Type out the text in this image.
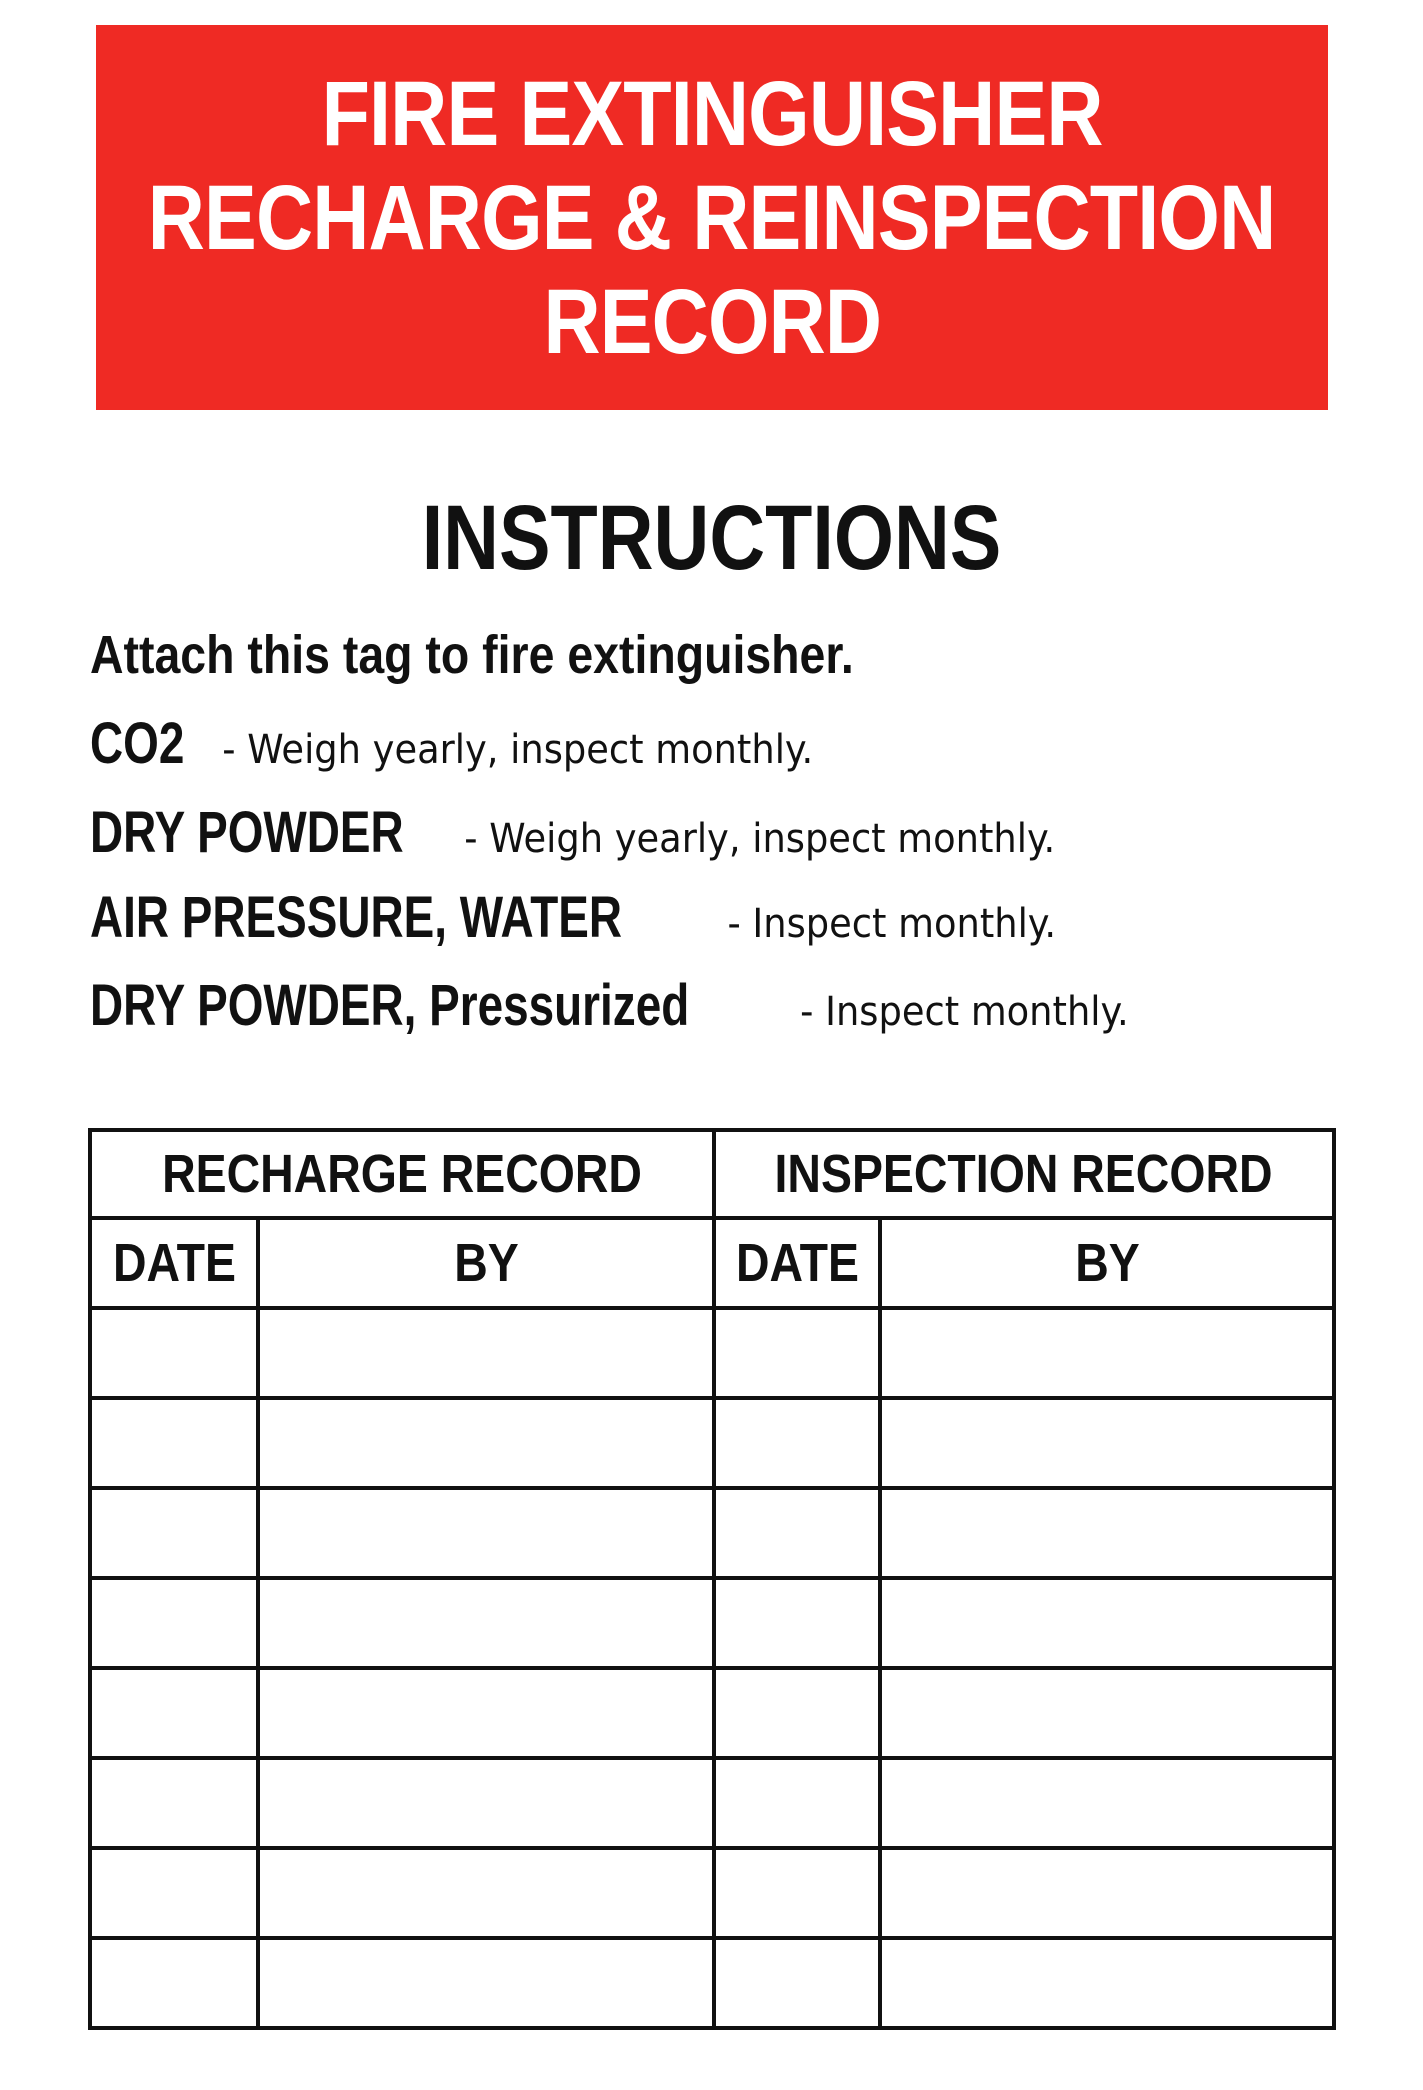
FIRE EXTINGUISHER
RECHARGE & REINSPECTION
RECORD
INSTRUCTIONS
Attach this tag to fire extinguisher.
CO2 - Weigh yearly, inspect monthly.
DRY POWDER - Weigh yearly, inspect monthly.
AIR PRESSURE, WATER	- Inspect monthly.
DRY POWDER, Pressurized	- Inspect monthly.
RECHARGE RECORD		INSPECTION RECORD	
DATE	BY	DATE	BY
